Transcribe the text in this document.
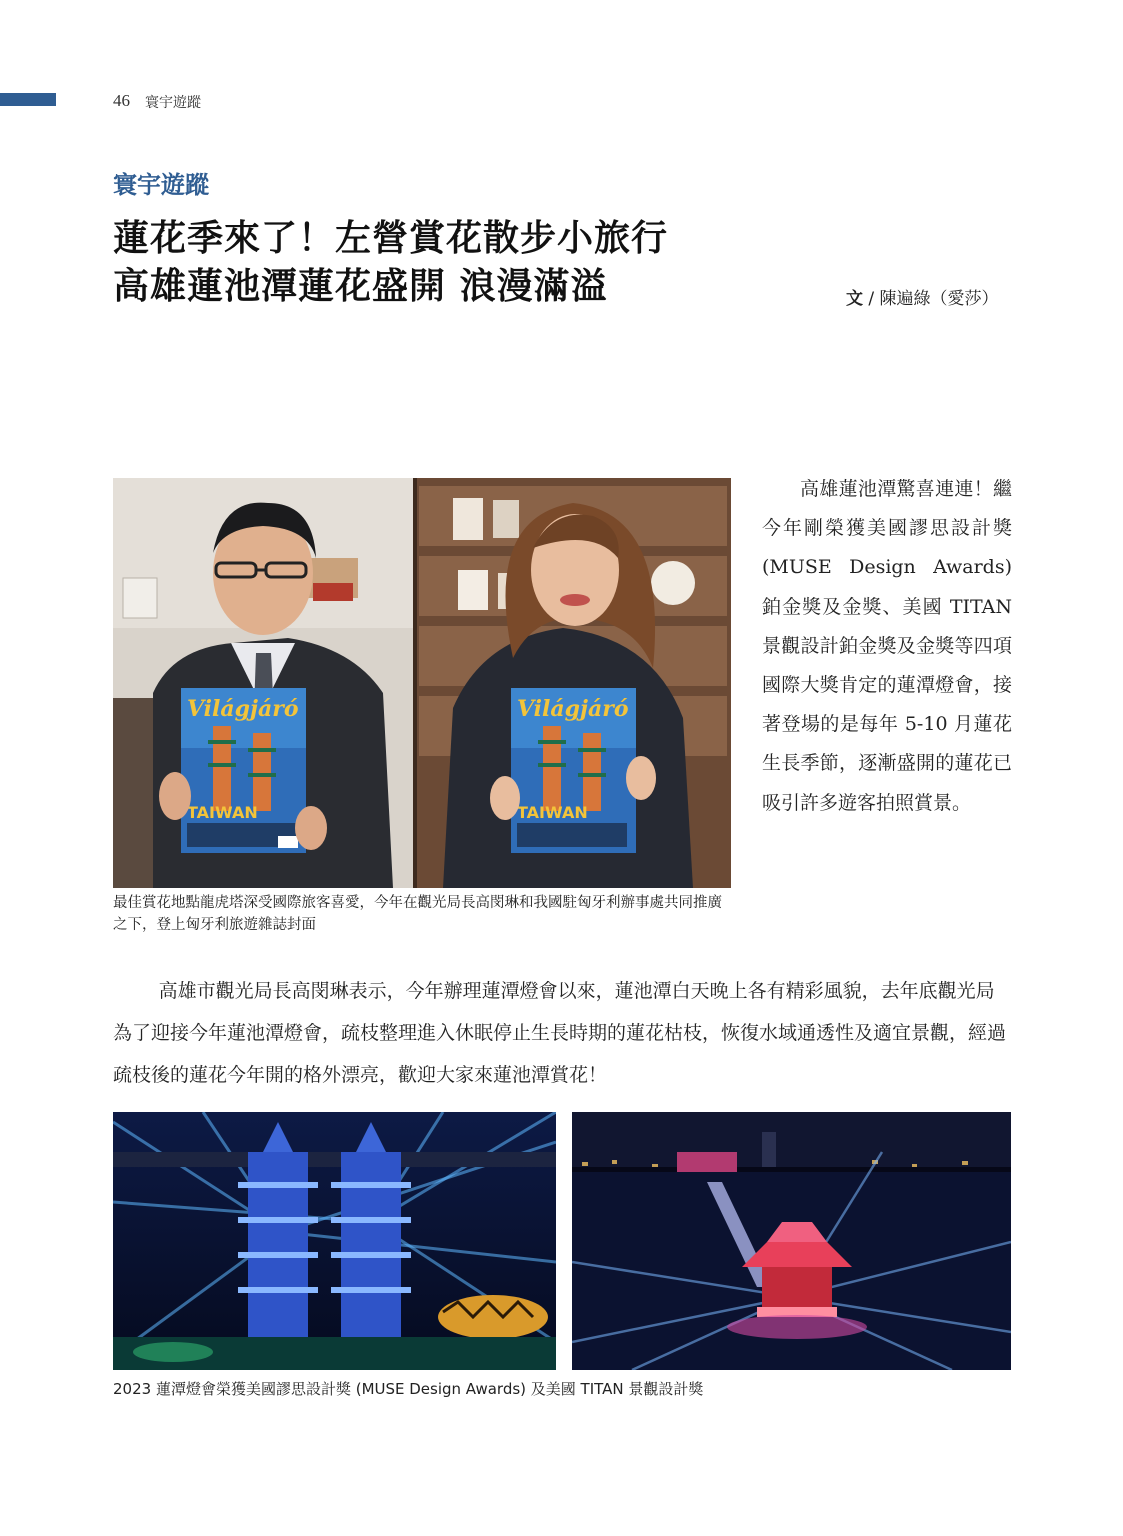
46 寰宇遊蹤
寰宇遊蹤
蓮花季來了！左營賞花散步小旅行
高雄蓮池潭蓮花盛開 浪漫滿溢	文 / 陳遍綠（愛莎）
Világjáró
TAIWAN
Világjáró
TAIWAN
最佳賞花地點龍虎塔深受國際旅客喜愛，今年在觀光局長高閔琳和我國駐匈牙利辦事處共同推廣之下，登上匈牙利旅遊雜誌封面
高雄蓮池潭驚喜連連！繼今年剛榮獲美國謬思設計獎 (MUSE Design Awards) 鉑金獎及金獎、美國 TITAN 景觀設計鉑金獎及金獎等四項國際大獎肯定的蓮潭燈會，接著登場的是每年 5-10 月蓮花生長季節，逐漸盛開的蓮花已吸引許多遊客拍照賞景。
高雄市觀光局長高閔琳表示，今年辦理蓮潭燈會以來，蓮池潭白天晚上各有精彩風貌，去年底觀光局為了迎接今年蓮池潭燈會，疏枝整理進入休眠停止生長時期的蓮花枯枝，恢復水域通透性及適宜景觀，經過疏枝後的蓮花今年開的格外漂亮，歡迎大家來蓮池潭賞花！
2023 蓮潭燈會榮獲美國謬思設計獎 (MUSE Design Awards) 及美國 TITAN 景觀設計獎
